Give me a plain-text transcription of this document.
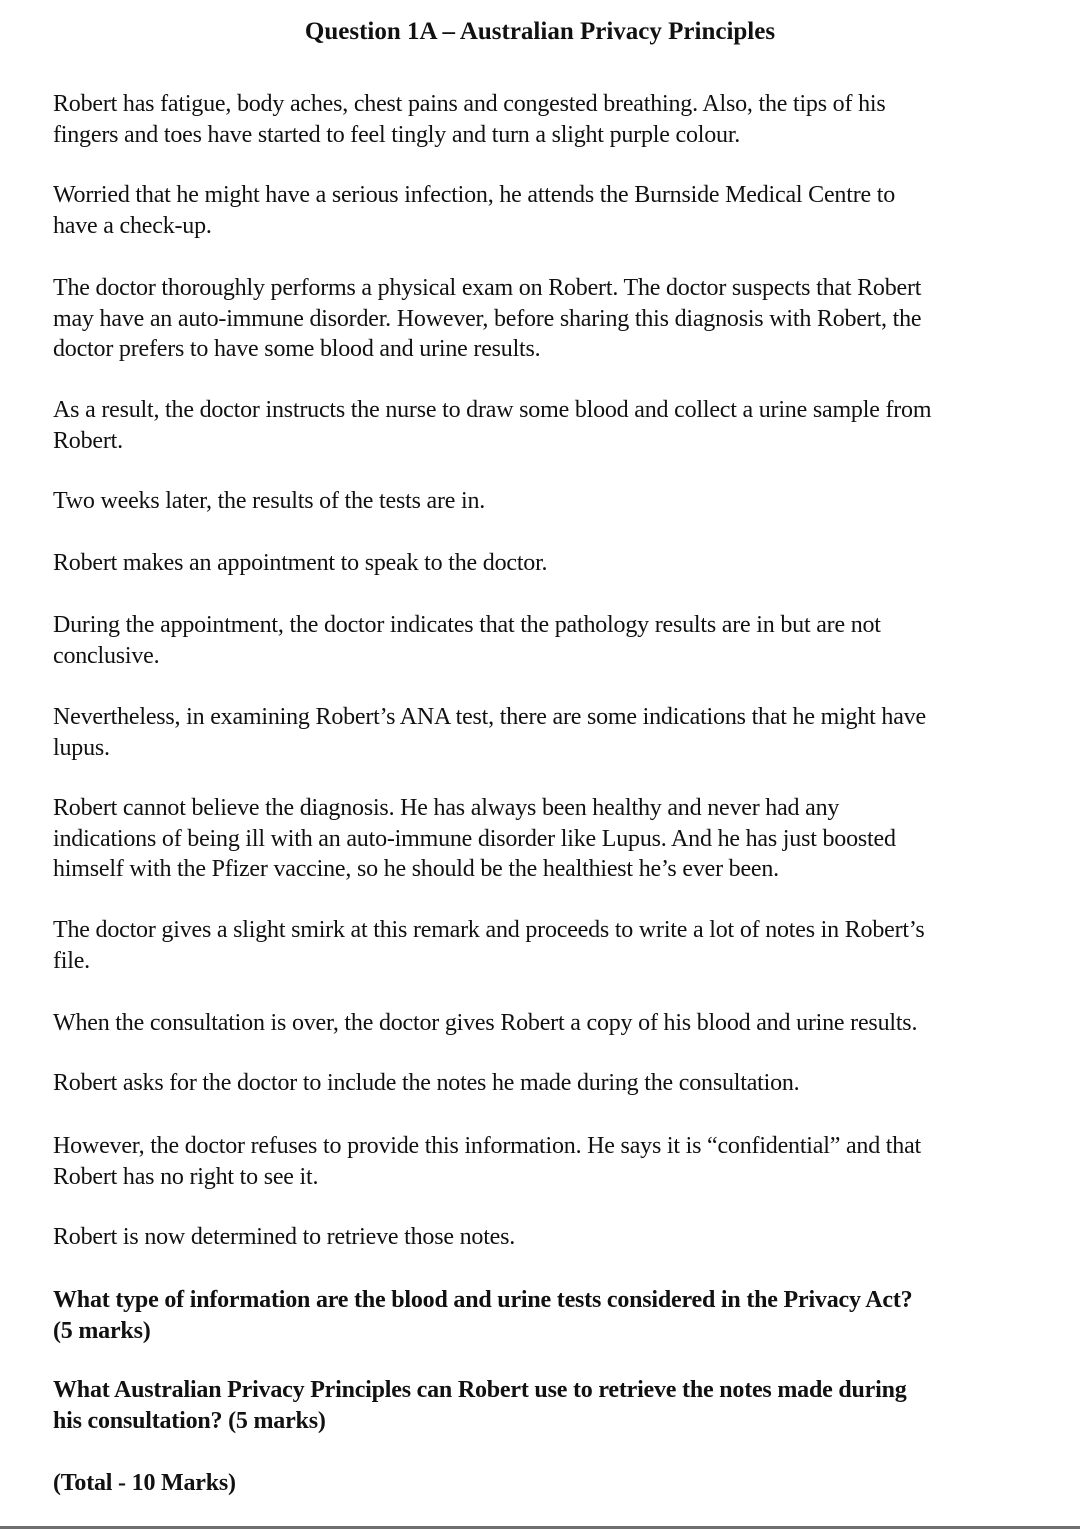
Question 1A – Australian Privacy Principles

Robert has fatigue, body aches, chest pains and congested breathing. Also, the tips of his
fingers and toes have started to feel tingly and turn a slight purple colour.

Worried that he might have a serious infection, he attends the Burnside Medical Centre to
have a check-up.

The doctor thoroughly performs a physical exam on Robert. The doctor suspects that Robert
may have an auto-immune disorder. However, before sharing this diagnosis with Robert, the
doctor prefers to have some blood and urine results.

As a result, the doctor instructs the nurse to draw some blood and collect a urine sample from
Robert.

Two weeks later, the results of the tests are in.

Robert makes an appointment to speak to the doctor.

During the appointment, the doctor indicates that the pathology results are in but are not
conclusive.

Nevertheless, in examining Robert’s ANA test, there are some indications that he might have
lupus.

Robert cannot believe the diagnosis. He has always been healthy and never had any
indications of being ill with an auto-immune disorder like Lupus. And he has just boosted
himself with the Pfizer vaccine, so he should be the healthiest he’s ever been.

The doctor gives a slight smirk at this remark and proceeds to write a lot of notes in Robert’s
file.

When the consultation is over, the doctor gives Robert a copy of his blood and urine results.

Robert asks for the doctor to include the notes he made during the consultation.

However, the doctor refuses to provide this information. He says it is “confidential” and that
Robert has no right to see it.

Robert is now determined to retrieve those notes.

What type of information are the blood and urine tests considered in the Privacy Act?
(5 marks)

What Australian Privacy Principles can Robert use to retrieve the notes made during
his consultation? (5 marks)

(Total - 10 Marks)
